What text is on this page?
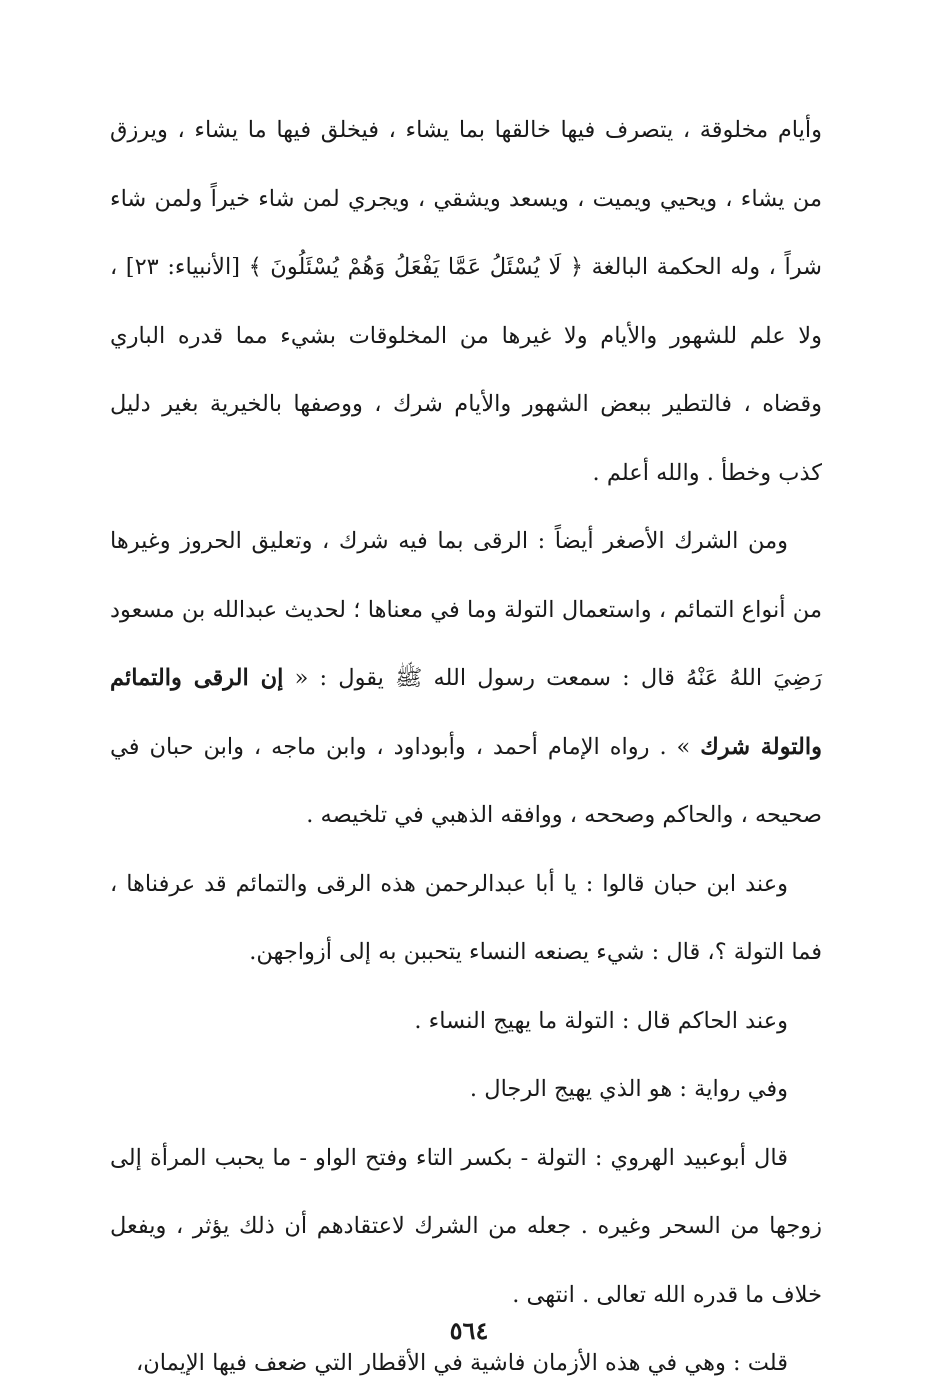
وأيام مخلوقة ، يتصرف فيها خالقها بما يشاء ، فيخلق فيها ما يشاء ، ويرزق من يشاء ، ويحيي ويميت ، ويسعد ويشقي ، ويجري لمن شاء خيراً ولمن شاء شراً ، وله الحكمة البالغة ﴿ لَا يُسْئَلُ عَمَّا يَفْعَلُ وَهُمْ يُسْئَلُونَ ﴾ [الأنبياء: ٢٣] ، ولا علم للشهور والأيام ولا غيرها من المخلوقات بشيء مما قدره الباري وقضاه ، فالتطير ببعض الشهور والأيام شرك ، ووصفها بالخيرية بغير دليل كذب وخطأ . والله أعلم .

ومن الشرك الأصغر أيضاً : الرقى بما فيه شرك ، وتعليق الحروز وغيرها من أنواع التمائم ، واستعمال التولة وما في معناها ؛ لحديث عبدالله بن مسعود رَضِيَ اللهُ عَنْهُ قال : سمعت رسول الله ﷺ يقول : « إن الرقى والتمائم والتولة شرك » . رواه الإمام أحمد ، وأبوداود ، وابن ماجه ، وابن حبان في صحيحه ، والحاكم وصححه ، ووافقه الذهبي في تلخيصه .

وعند ابن حبان قالوا : يا أبا عبدالرحمن هذه الرقى والتمائم قد عرفناها ، فما التولة ؟، قال : شيء يصنعه النساء يتحببن به إلى أزواجهن.

وعند الحاكم قال : التولة ما يهيج النساء .

وفي رواية : هو الذي يهيج الرجال .

قال أبوعبيد الهروي : التولة - بكسر التاء وفتح الواو - ما يحبب المرأة إلى زوجها من السحر وغيره . جعله من الشرك لاعتقادهم أن ذلك يؤثر ، ويفعل خلاف ما قدره الله تعالى . انتهى .

قلت : وهي في هذه الأزمان فاشية في الأقطار التي ضعف فيها الإيمان،

٥٦٤
